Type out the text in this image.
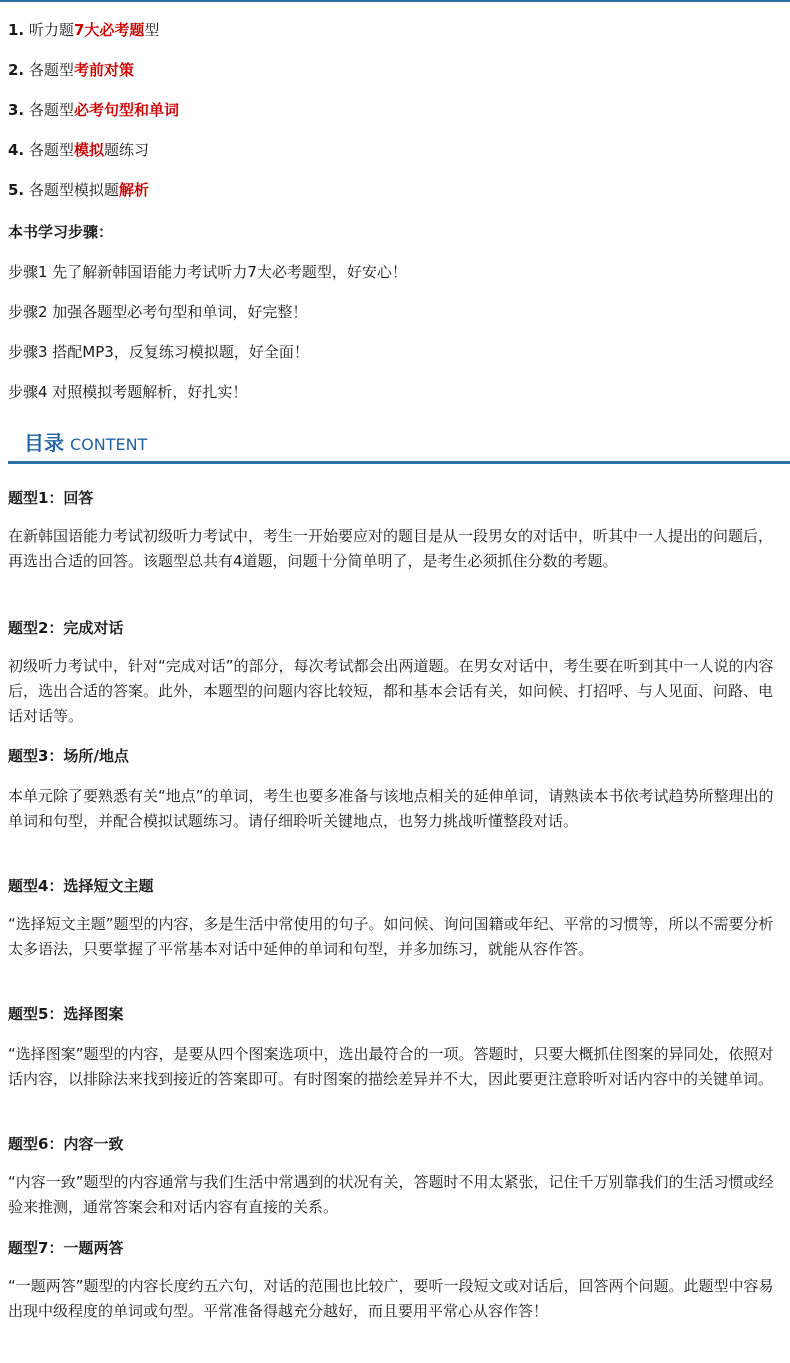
1. 听力题7大必考题型
2. 各题型考前对策
3. 各题型必考句型和单词
4. 各题型模拟题练习
5. 各题型模拟题解析
本书学习步骤：
步骤1 先了解新韩国语能力考试听力7大必考题型，好安心！
步骤2 加强各题型必考句型和单词，好完整！
步骤3 搭配MP3，反复练习模拟题，好全面！
步骤4 对照模拟考题解析，好扎实！
目录 CONTENT
题型1：回答
在新韩国语能力考试初级听力考试中，考生一开始要应对的题目是从一段男女的对话中，听其中一人提出的问题后，再选出合适的回答。该题型总共有4道题，问题十分简单明了，是考生必须抓住分数的考题。
题型2：完成对话
初级听力考试中，针对“完成对话”的部分，每次考试都会出两道题。在男女对话中，考生要在听到其中一人说的内容后，选出合适的答案。此外，本题型的问题内容比较短，都和基本会话有关，如问候、打招呼、与人见面、问路、电话对话等。
题型3：场所/地点
本单元除了要熟悉有关“地点”的单词，考生也要多准备与该地点相关的延伸单词，请熟读本书依考试趋势所整理出的单词和句型，并配合模拟试题练习。请仔细聆听关键地点，也努力挑战听懂整段对话。
题型4：选择短文主题
“选择短文主题”题型的内容，多是生活中常使用的句子。如问候、询问国籍或年纪、平常的习惯等，所以不需要分析太多语法，只要掌握了平常基本对话中延伸的单词和句型，并多加练习，就能从容作答。
题型5：选择图案
“选择图案”题型的内容，是要从四个图案选项中，选出最符合的一项。答题时，只要大概抓住图案的异同处，依照对话内容，以排除法来找到接近的答案即可。有时图案的描绘差异并不大，因此要更注意聆听对话内容中的关键单词。
题型6：内容一致
“内容一致”题型的内容通常与我们生活中常遇到的状况有关，答题时不用太紧张，记住千万别靠我们的生活习惯或经验来推测，通常答案会和对话内容有直接的关系。
题型7：一题两答
“一题两答”题型的内容长度约五六句，对话的范围也比较广，要听一段短文或对话后，回答两个问题。此题型中容易出现中级程度的单词或句型。平常准备得越充分越好，而且要用平常心从容作答！
